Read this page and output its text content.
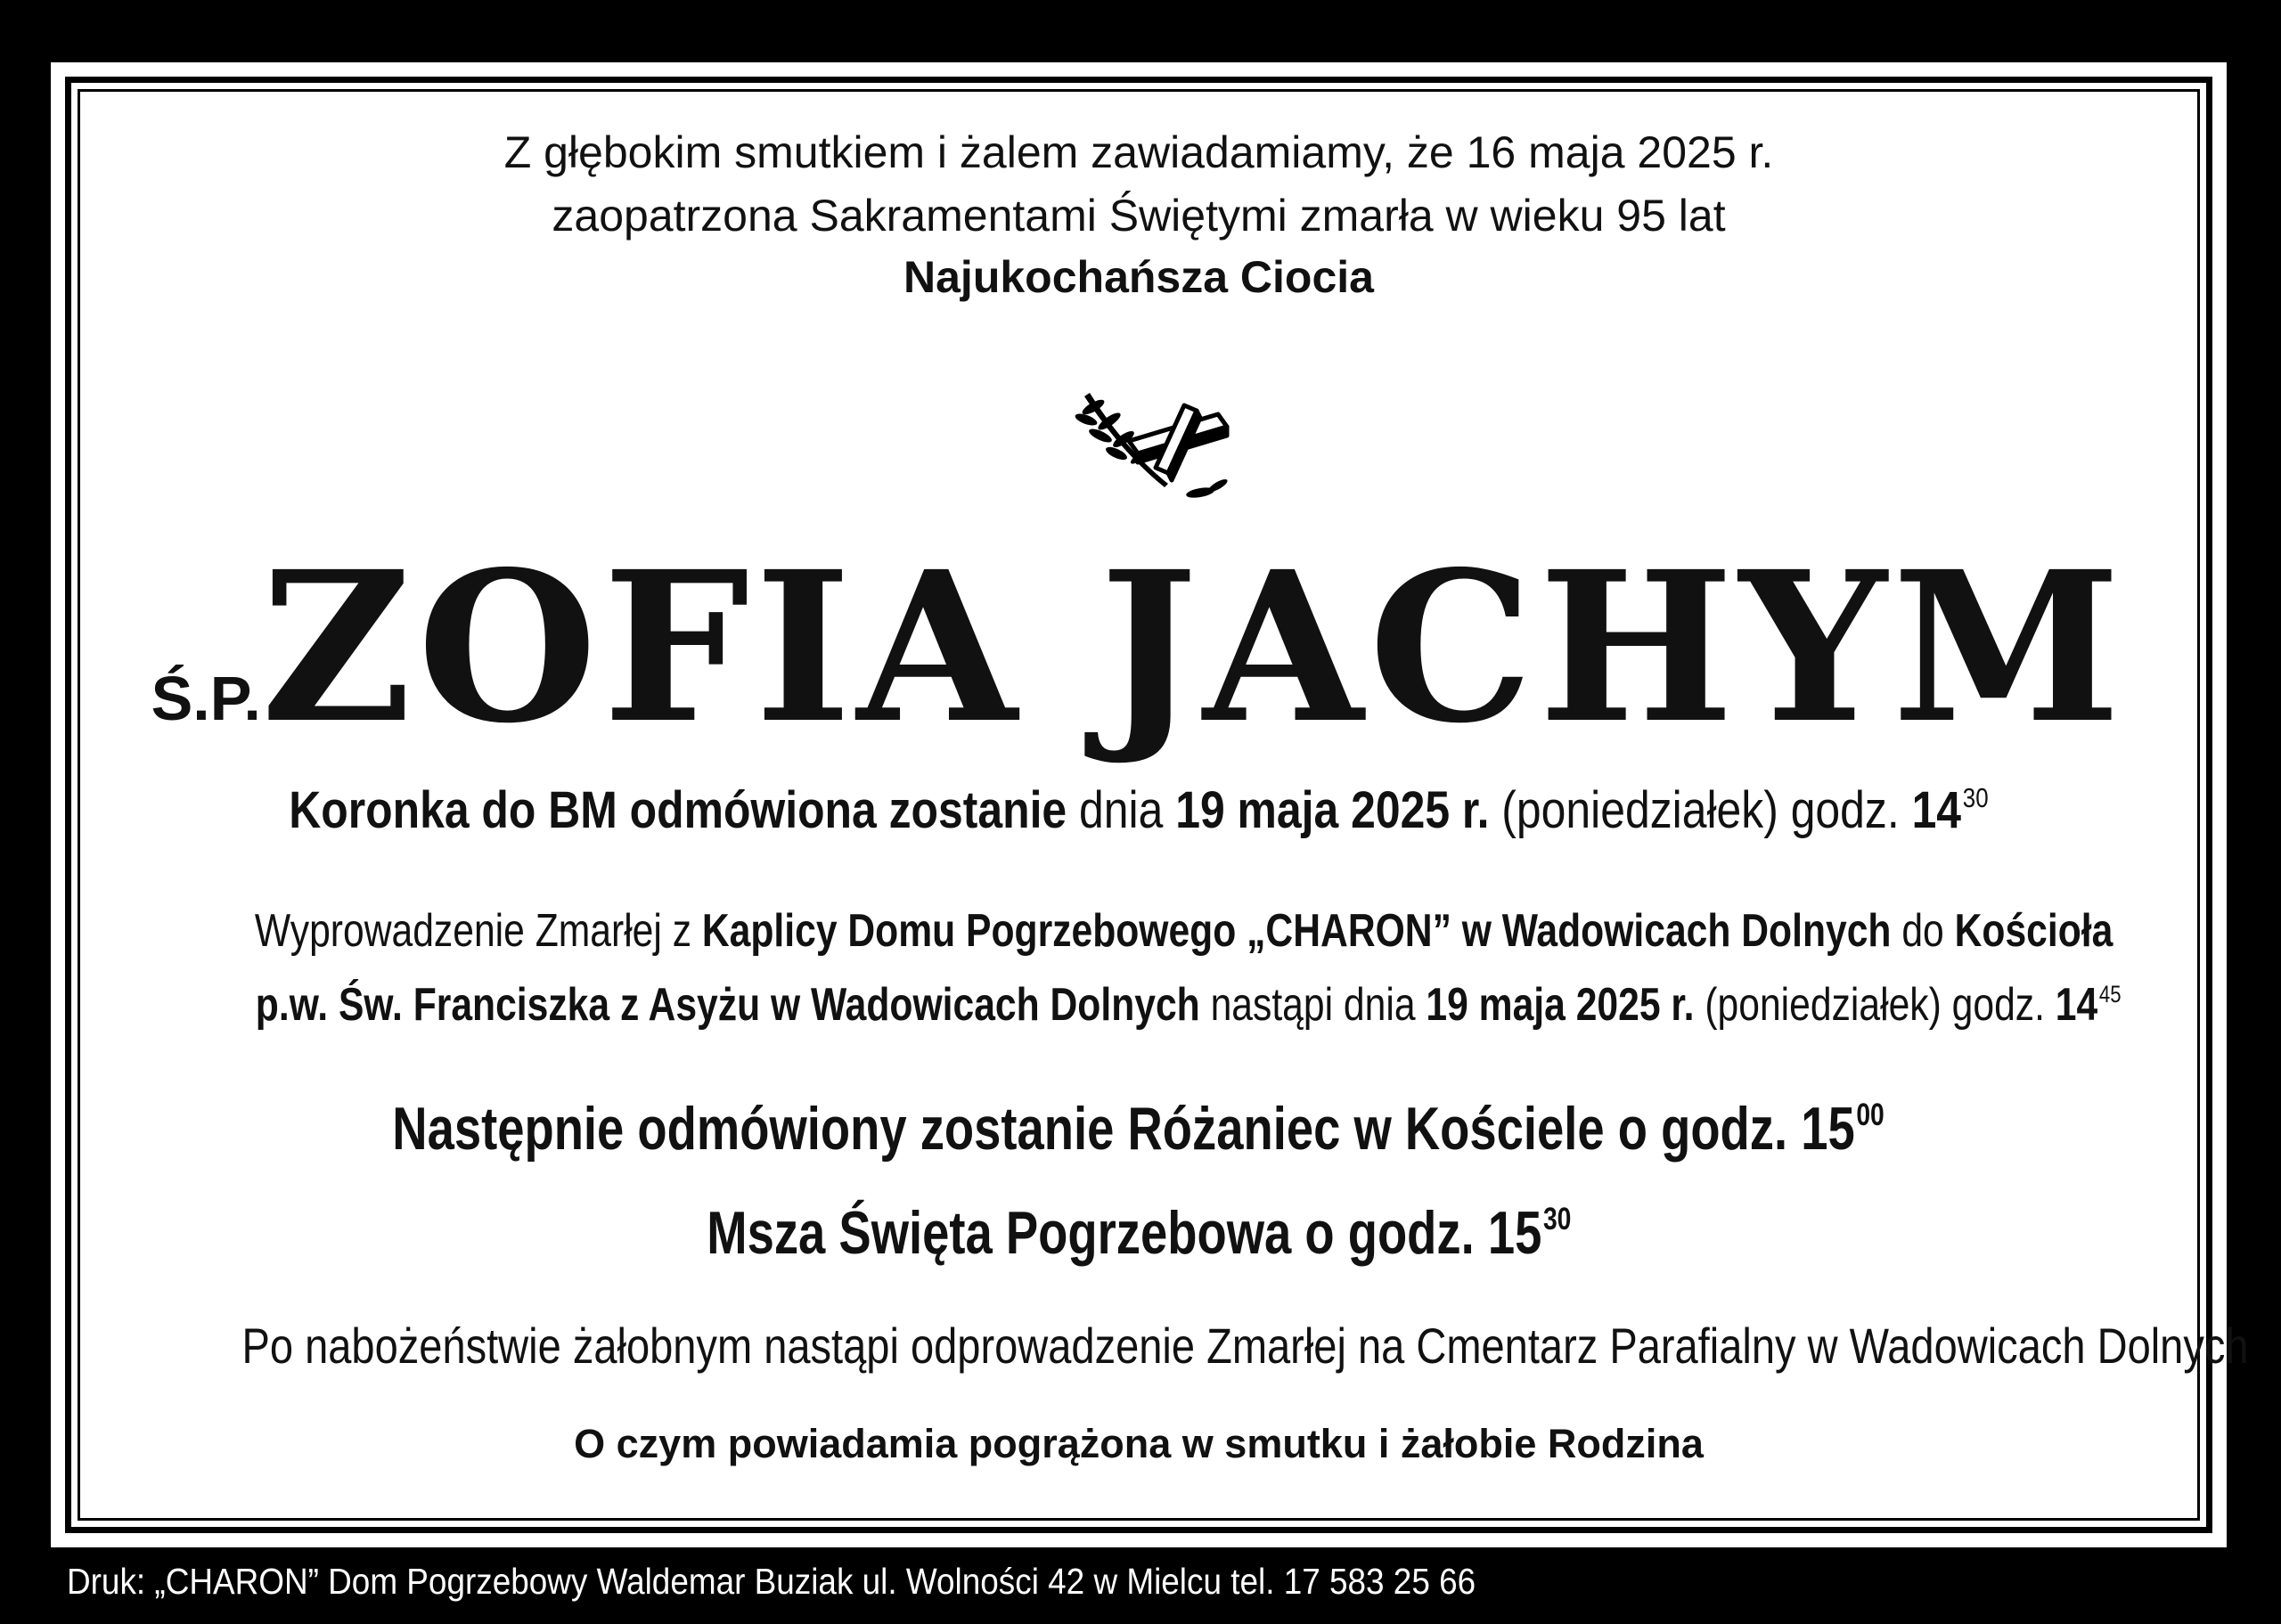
Z głębokim smutkiem i żalem zawiadamiamy, że 16 maja 2025 r.
zaopatrzona Sakramentami Świętymi zmarła w wieku 95 lat
Najukochańsza Ciocia
Ś.P.ZOFIA JACHYM
Koronka do BM odmówiona zostanie dnia 19 maja 2025 r. (poniedziałek) godz. $14^{30}$
Wyprowadzenie Zmarłej z Kaplicy Domu Pogrzebowego „CHARON” w Wadowicach Dolnych do Kościoła
p.w. Św. Franciszka z Asyżu w Wadowicach Dolnych nastąpi dnia 19 maja 2025 r. (poniedziałek) godz. $14^{45}$
Następnie odmówiony zostanie Różaniec w Kościele o godz. $15^{00}$
Msza Święta Pogrzebowa o godz. $15^{30}$
Po nabożeństwie żałobnym nastąpi odprowadzenie Zmarłej na Cmentarz Parafialny w Wadowicach Dolnych
O czym powiadamia pogrążona w smutku i żałobie Rodzina
Druk: „CHARON” Dom Pogrzebowy Waldemar Buziak ul. Wolności 42 w Mielcu tel. 17 583 25 66
